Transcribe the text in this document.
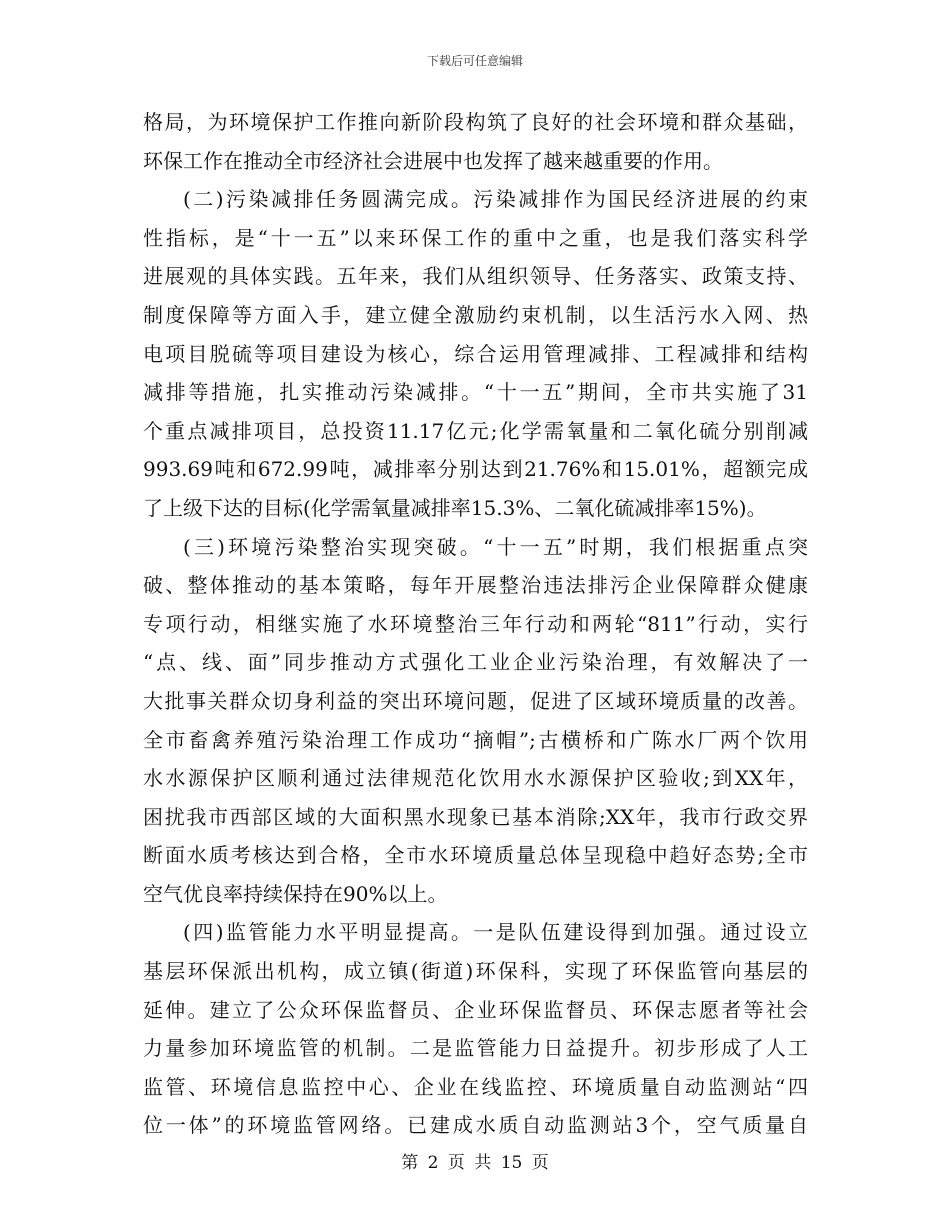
下载后可任意编辑
格局，为环境保护工作推向新阶段构筑了良好的社会环境和群众基础，
环保工作在推动全市经济社会进展中也发挥了越来越重要的作用。
(二)污染减排任务圆满完成。污染减排作为国民经济进展的约束
性指标，是“十一五”以来环保工作的重中之重，也是我们落实科学
进展观的具体实践。五年来，我们从组织领导、任务落实、政策支持、
制度保障等方面入手，建立健全激励约束机制，以生活污水入网、热
电项目脱硫等项目建设为核心，综合运用管理减排、工程减排和结构
减排等措施，扎实推动污染减排。“十一五”期间，全市共实施了31
个重点减排项目，总投资11.17亿元;化学需氧量和二氧化硫分别削减
993.69吨和672.99吨，减排率分别达到21.76%和15.01%，超额完成
了上级下达的目标(化学需氧量减排率15.3%、二氧化硫减排率15%)。
(三)环境污染整治实现突破。“十一五”时期，我们根据重点突
破、整体推动的基本策略，每年开展整治违法排污企业保障群众健康
专项行动，相继实施了水环境整治三年行动和两轮“811”行动，实行
“点、线、面”同步推动方式强化工业企业污染治理，有效解决了一
大批事关群众切身利益的突出环境问题，促进了区域环境质量的改善。
全市畜禽养殖污染治理工作成功“摘帽”;古横桥和广陈水厂两个饮用
水水源保护区顺利通过法律规范化饮用水水源保护区验收;到XX年，
困扰我市西部区域的大面积黑水现象已基本消除;XX年，我市行政交界
断面水质考核达到合格，全市水环境质量总体呈现稳中趋好态势;全市
空气优良率持续保持在90%以上。
(四)监管能力水平明显提高。一是队伍建设得到加强。通过设立
基层环保派出机构，成立镇(街道)环保科，实现了环保监管向基层的
延伸。建立了公众环保监督员、企业环保监督员、环保志愿者等社会
力量参加环境监管的机制。二是监管能力日益提升。初步形成了人工
监管、环境信息监控中心、企业在线监控、环境质量自动监测站“四
位一体”的环境监管网络。已建成水质自动监测站3个，空气质量自
第 2 页 共 15 页
